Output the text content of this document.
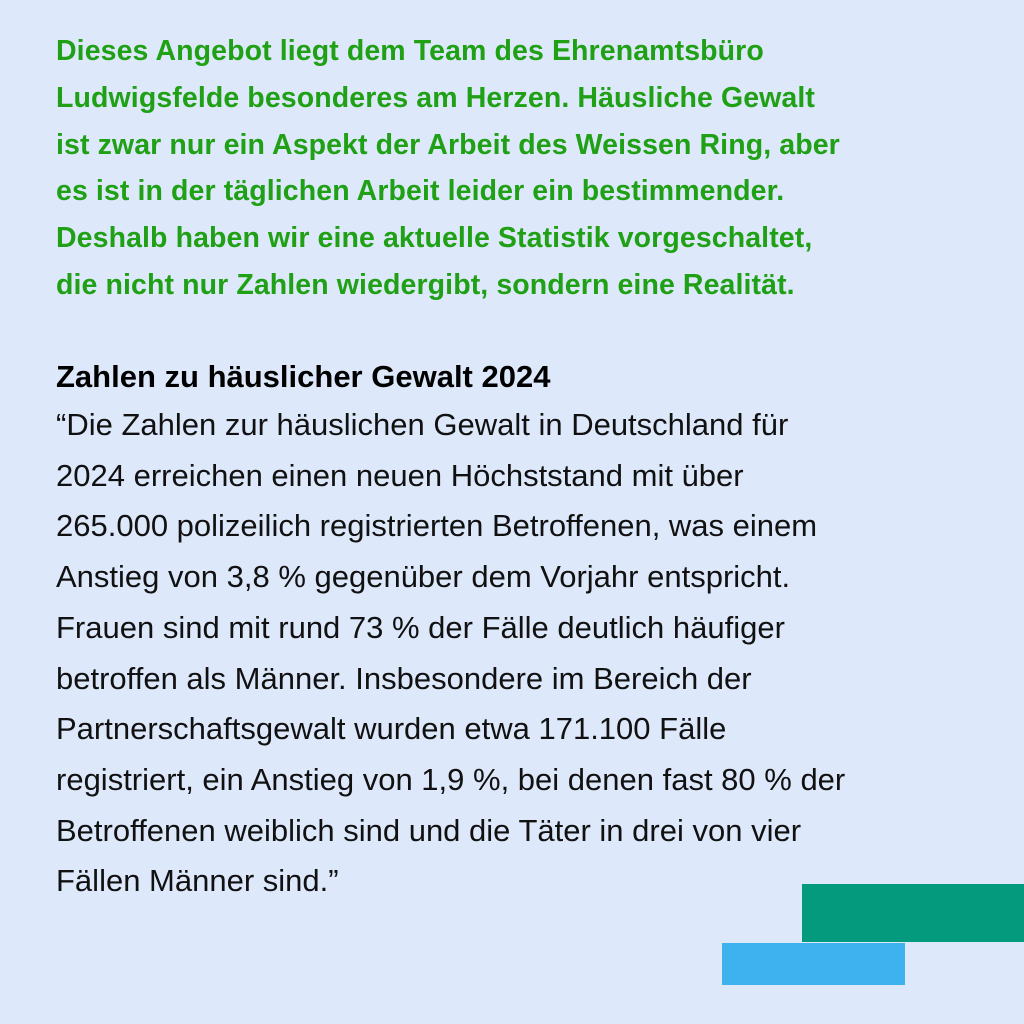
Dieses Angebot liegt dem Team des Ehrenamtsbüro
Ludwigsfelde besonderes am Herzen. Häusliche Gewalt
ist zwar nur ein Aspekt der Arbeit des Weissen Ring, aber
es ist in der täglichen Arbeit leider ein bestimmender.
Deshalb haben wir eine aktuelle Statistik vorgeschaltet,
die nicht nur Zahlen wiedergibt, sondern eine Realität.

Zahlen zu häuslicher Gewalt 2024

“Die Zahlen zur häuslichen Gewalt in Deutschland für
2024 erreichen einen neuen Höchststand mit über
265.000 polizeilich registrierten Betroffenen, was einem
Anstieg von 3,8 % gegenüber dem Vorjahr entspricht.
Frauen sind mit rund 73 % der Fälle deutlich häufiger
betroffen als Männer. Insbesondere im Bereich der
Partnerschaftsgewalt wurden etwa 171.100 Fälle
registriert, ein Anstieg von 1,9 %, bei denen fast 80 % der
Betroffenen weiblich sind und die Täter in drei von vier
Fällen Männer sind.”
